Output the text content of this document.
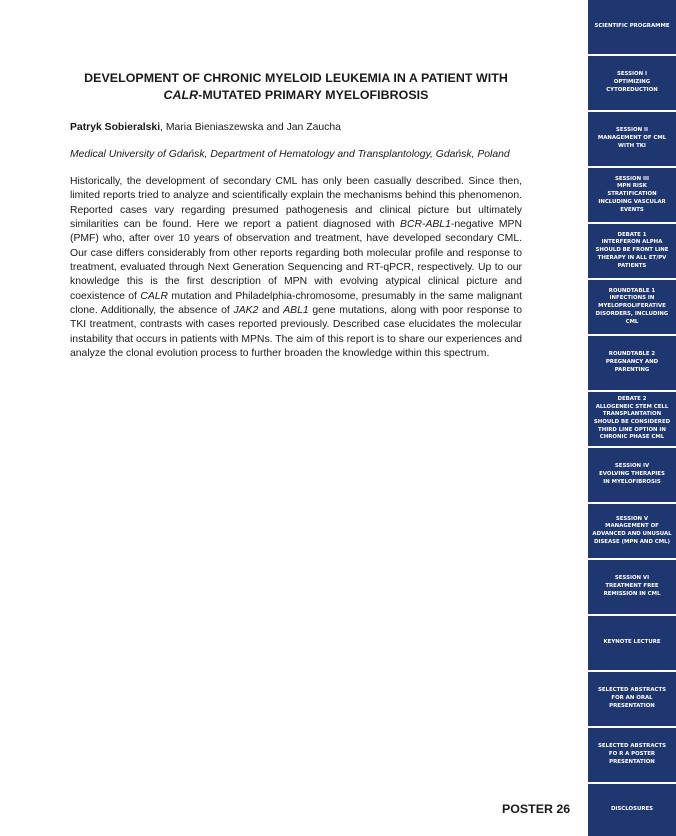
DEVELOPMENT OF CHRONIC MYELOID LEUKEMIA IN A PATIENT WITH CALR-MUTATED PRIMARY MYELOFIBROSIS
Patryk Sobieralski, Maria Bieniaszewska and Jan Zaucha
Medical University of Gdańsk, Department of Hematology and Transplantology, Gdańsk, Poland
Historically, the development of secondary CML has only been casually described. Since then, limited reports tried to analyze and scientifically explain the mechanisms behind this phenomenon. Reported cases vary regarding presumed pathogenesis and clinical picture but ultimately similarities can be found. Here we report a patient diagnosed with BCR-ABL1-negative MPN (PMF) who, after over 10 years of observation and treatment, have developed secondary CML. Our case differs considerably from other reports regarding both molecular profile and response to treatment, evaluated through Next Generation Sequencing and RT-qPCR, respectively. Up to our knowledge this is the first description of MPN with evolving atypical clinical picture and coexistence of CALR mutation and Philadelphia-chromosome, presumably in the same malignant clone. Additionally, the absence of JAK2 and ABL1 gene mutations, along with poor response to TKI treatment, contrasts with cases reported previously. Described case elucidates the molecular instability that occurs in patients with MPNs. The aim of this report is to share our experiences and analyze the clonal evolution process to further broaden the knowledge within this spectrum.
POSTER 26
SCIENTIFIC PROGRAMME
SESSION I
OPTIMIZING
CYTOREDUCTION
SESSION II
MANAGEMENT OF CML
WITH TKI
SESSION III
MPN RISK
STRATIFICATION
INCLUDING VASCULAR
EVENTS
DEBATE 1
INTERFERON ALPHA
SHOULD BE FRONT LINE
THERAPY IN ALL ET/PV
PATIENTS
ROUNDTABLE 1
INFECTIONS IN
MYELOPROLIFERATIVE
DISORDERS, INCLUDING
CML
ROUNDTABLE 2
PREGNANCY AND
PARENTING
DEBATE 2
ALLOGENEIC STEM CELL
TRANSPLANTATION
SHOULD BE CONSIDERED
THIRD LINE OPTION IN
CHRONIC PHASE CML
SESSION IV
EVOLVING THERAPIES
IN MYELOFIBROSIS
SESSION V
MANAGEMENT OF
ADVANCED AND UNUSUAL
DISEASE (MPN AND CML)
SESSION VI
TREATMENT FREE
REMISSION IN CML
KEYNOTE LECTURE
SELECTED ABSTRACTS
FOR AN ORAL
PRESENTATION
SELECTED ABSTRACTS
FO R A POSTER
PRESENTATION
DISCLOSURES
